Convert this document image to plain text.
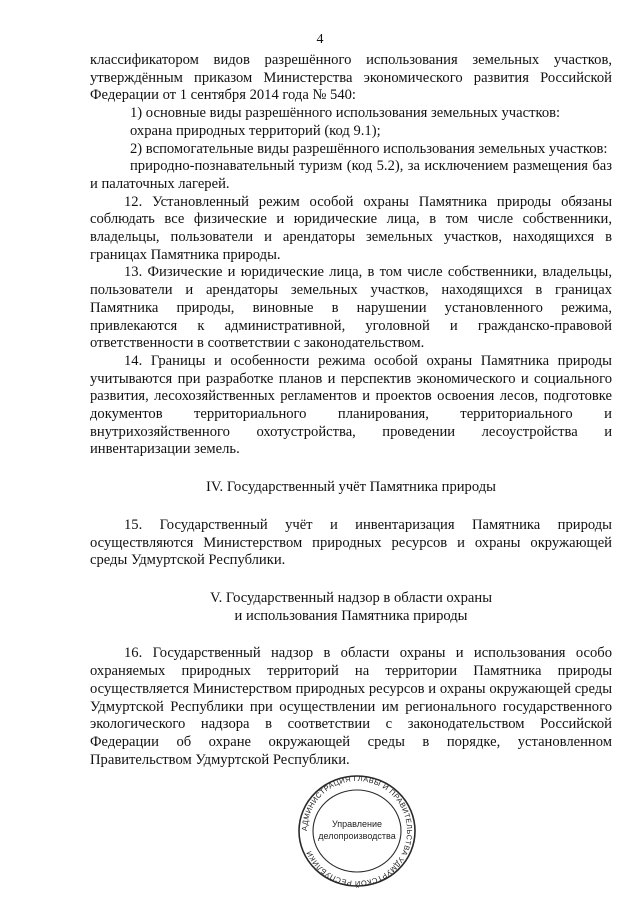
4

классификатором видов разрешённого использования земельных участков, утверждённым приказом Министерства экономического развития Российской Федерации от 1 сентября 2014 года № 540:

1) основные виды разрешённого использования земельных участков:

охрана природных территорий (код 9.1);

2) вспомогательные виды разрешённого использования земельных участков:

природно-познавательный туризм (код 5.2), за исключением размещения баз и палаточных лагерей.

12. Установленный режим особой охраны Памятника природы обязаны соблюдать все физические и юридические лица, в том числе собственники, владельцы, пользователи и арендаторы земельных участков, находящихся в границах Памятника природы.

13. Физические и юридические лица, в том числе собственники, владельцы, пользователи и арендаторы земельных участков, находящихся в границах Памятника природы, виновные в нарушении установленного режима, привлекаются к административной, уголовной и гражданско-правовой ответственности в соответствии с законодательством.

14. Границы и особенности режима особой охраны Памятника природы учитываются при разработке планов и перспектив экономического и социального развития, лесохозяйственных регламентов и проектов освоения лесов, подготовке документов территориального планирования, территориального и внутрихозяйственного охотустройства, проведении лесоустройства и инвентаризации земель.

IV. Государственный учёт Памятника природы

15. Государственный учёт и инвентаризация Памятника природы осуществляются Министерством природных ресурсов и охраны окружающей среды Удмуртской Республики.

V. Государственный надзор в области охраны

и использования Памятника природы

16. Государственный надзор в области охраны и использования особо охраняемых природных территорий на территории Памятника природы осуществляется Министерством природных ресурсов и охраны окружающей среды Удмуртской Республики при осуществлении им регионального государственного экологического надзора в соответствии с законодательством Российской Федерации об охране окружающей среды в порядке, установленном Правительством Удмуртской Республики.

АДМИНИСТРАЦИЯ ГЛАВЫ И ПРАВИТЕЛЬСТВА УДМУРТСКОЙ РЕСПУБЛИКИ
Управление
делопроизводства
